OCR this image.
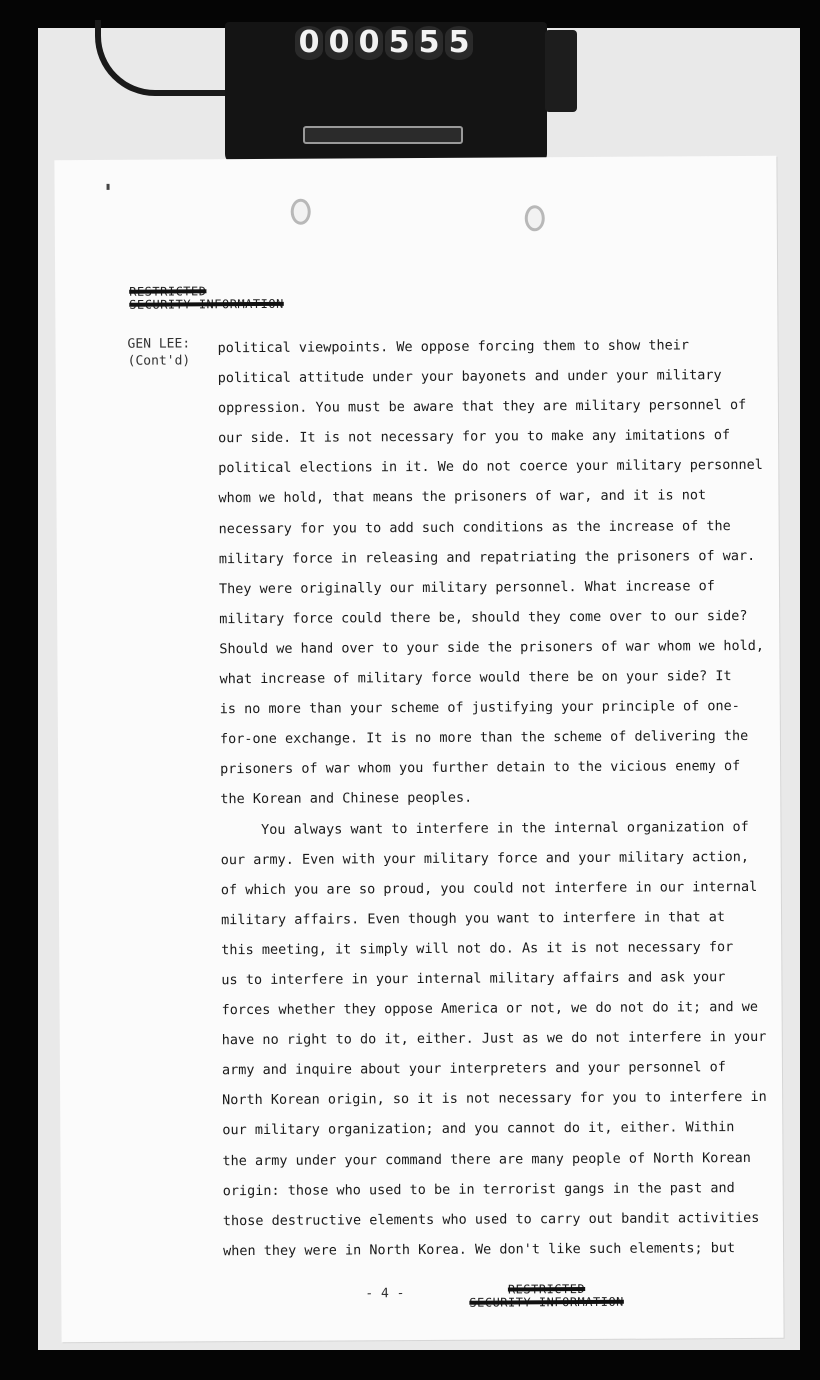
0 0 0 5 5 5
RESTRICTED
SECURITY INFORMATION
GEN LEE:
(Cont'd)
political viewpoints. We oppose forcing them to show their
political attitude under your bayonets and under your military
oppression. You must be aware that they are military personnel of
our side. It is not necessary for you to make any imitations of
political elections in it. We do not coerce your military personnel
whom we hold, that means the prisoners of war, and it is not
necessary for you to add such conditions as the increase of the
military force in releasing and repatriating the prisoners of war.
They were originally our military personnel. What increase of
military force could there be, should they come over to our side?
Should we hand over to your side the prisoners of war whom we hold,
what increase of military force would there be on your side? It
is no more than your scheme of justifying your principle of one-
for-one exchange. It is no more than the scheme of delivering the
prisoners of war whom you further detain to the vicious enemy of
the Korean and Chinese peoples.
You always want to interfere in the internal organization of
our army. Even with your military force and your military action,
of which you are so proud, you could not interfere in our internal
military affairs. Even though you want to interfere in that at
this meeting, it simply will not do. As it is not necessary for
us to interfere in your internal military affairs and ask your
forces whether they oppose America or not, we do not do it; and we
have no right to do it, either. Just as we do not interfere in your
army and inquire about your interpreters and your personnel of
North Korean origin, so it is not necessary for you to interfere in
our military organization; and you cannot do it, either. Within
the army under your command there are many people of North Korean
origin: those who used to be in terrorist gangs in the past and
those destructive elements who used to carry out bandit activities
when they were in North Korea. We don't like such elements; but
- 4 -	RESTRICTED
SECURITY INFORMATION
